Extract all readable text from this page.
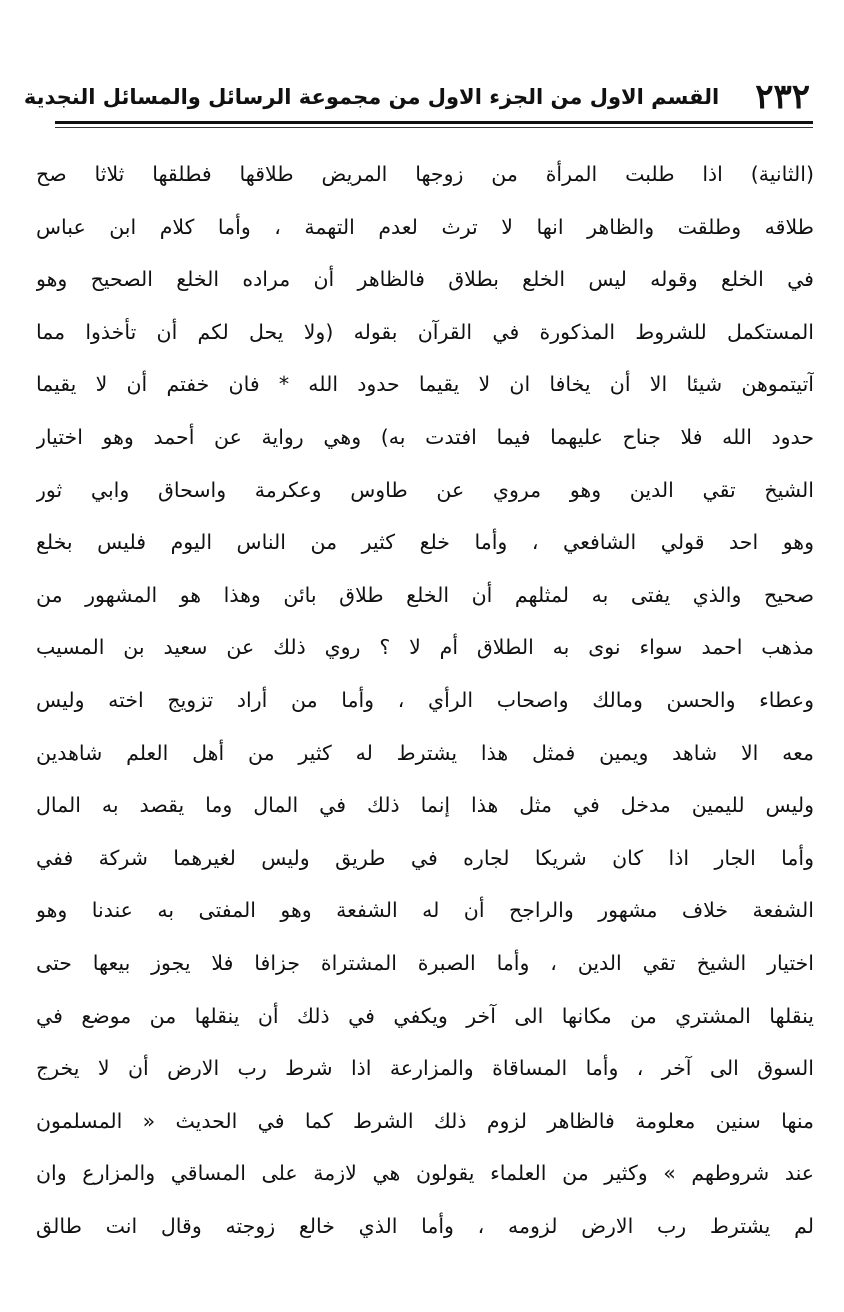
٢٣٢
القسم الاول من الجزء الاول من مجموعة الرسائل والمسائل النجدية
(الثانية) اذا طلبت المرأة من زوجها المريض طلاقها فطلقها ثلاثا صح
طلاقه وطلقت والظاهر انها لا ترث لعدم التهمة ، وأما كلام ابن عباس
في الخلع وقوله ليس الخلع بطلاق فالظاهر أن مراده الخلع الصحيح وهو
المستكمل للشروط المذكورة في القرآن بقوله (ولا يحل لكم أن تأخذوا مما
آتيتموهن شيئا الا أن يخافا ان لا يقيما حدود الله * فان خفتم أن لا يقيما
حدود الله فلا جناح عليهما فيما افتدت به) وهي رواية عن أحمد وهو اختيار
الشيخ تقي الدين وهو مروي عن طاوس وعكرمة واسحاق وابي ثور
وهو احد قولي الشافعي ، وأما خلع كثير من الناس اليوم فليس بخلع
صحيح والذي يفتى به لمثلهم أن الخلع طلاق بائن وهذا هو المشهور من
مذهب احمد سواء نوى به الطلاق أم لا ؟ روي ذلك عن سعيد بن المسيب
وعطاء والحسن ومالك واصحاب الرأي ، وأما من أراد تزويج اخته وليس
معه الا شاهد ويمين فمثل هذا يشترط له كثير من أهل العلم شاهدين
وليس لليمين مدخل في مثل هذا إنما ذلك في المال وما يقصد به المال
وأما الجار اذا كان شريكا لجاره في طريق وليس لغيرهما شركة ففي
الشفعة خلاف مشهور والراجح أن له الشفعة وهو المفتى به عندنا وهو
اختيار الشيخ تقي الدين ، وأما الصبرة المشتراة جزافا فلا يجوز بيعها حتى
ينقلها المشتري من مكانها الى آخر ويكفي في ذلك أن ينقلها من موضع في
السوق الى آخر ، وأما المساقاة والمزارعة اذا شرط رب الارض أن لا يخرج
منها سنين معلومة فالظاهر لزوم ذلك الشرط كما في الحديث « المسلمون
عند شروطهم » وكثير من العلماء يقولون هي لازمة على المساقي والمزارع وان
لم يشترط رب الارض لزومه ، وأما الذي خالع زوجته وقال انت طالق
